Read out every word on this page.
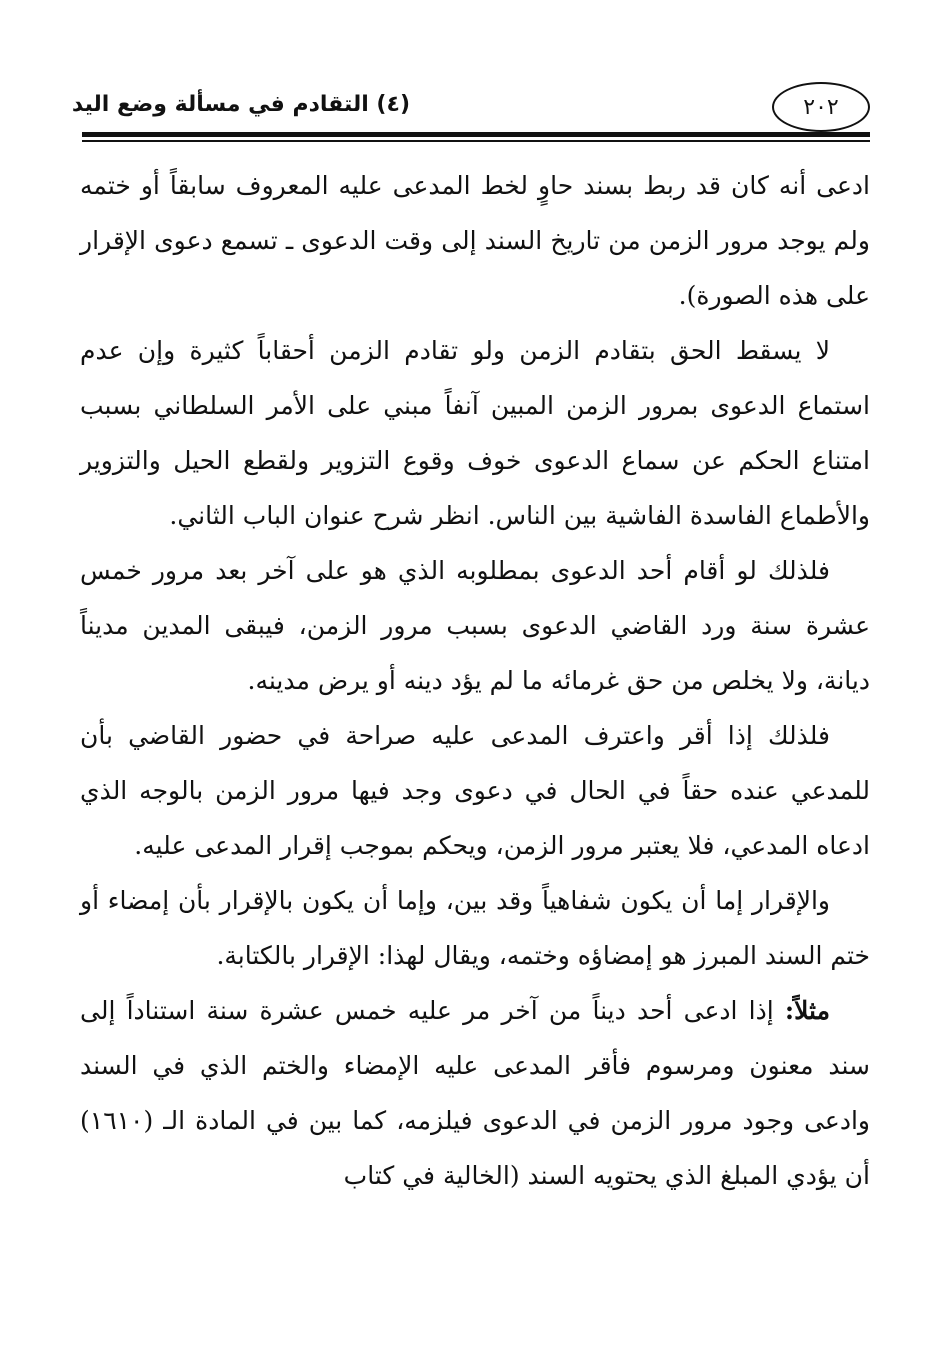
(٤) التقادم في مسألة وضع اليد	٢٠٢

ادعى أنه كان قد ربط بسند حاوٍ لخط المدعى عليه المعروف سابقاً أو ختمه ولم يوجد مرور الزمن من تاريخ السند إلى وقت الدعوى ـ تسمع دعوى الإقرار على هذه الصورة).

لا يسقط الحق بتقادم الزمن ولو تقادم الزمن أحقاباً كثيرة وإن عدم استماع الدعوى بمرور الزمن المبين آنفاً مبني على الأمر السلطاني بسبب امتناع الحكم عن سماع الدعوى خوف وقوع التزوير ولقطع الحيل والتزوير والأطماع الفاسدة الفاشية بين الناس. انظر شرح عنوان الباب الثاني.

فلذلك لو أقام أحد الدعوى بمطلوبه الذي هو على آخر بعد مرور خمس عشرة سنة ورد القاضي الدعوى بسبب مرور الزمن، فيبقى المدين مديناً ديانة، ولا يخلص من حق غرمائه ما لم يؤد دينه أو يرض مدينه.

فلذلك إذا أقر واعترف المدعى عليه صراحة في حضور القاضي بأن للمدعي عنده حقاً في الحال في دعوى وجد فيها مرور الزمن بالوجه الذي ادعاه المدعي، فلا يعتبر مرور الزمن، ويحكم بموجب إقرار المدعى عليه.

والإقرار إما أن يكون شفاهياً وقد بين، وإما أن يكون بالإقرار بأن إمضاء أو ختم السند المبرز هو إمضاؤه وختمه، ويقال لهذا: الإقرار بالكتابة.

مثلاً: إذا ادعى أحد ديناً من آخر مر عليه خمس عشرة سنة استناداً إلى سند معنون ومرسوم فأقر المدعى عليه الإمضاء والختم الذي في السند وادعى وجود مرور الزمن في الدعوى فيلزمه، كما بين في المادة الـ (١٦١٠) أن يؤدي المبلغ الذي يحتويه السند (الخالية في كتاب
